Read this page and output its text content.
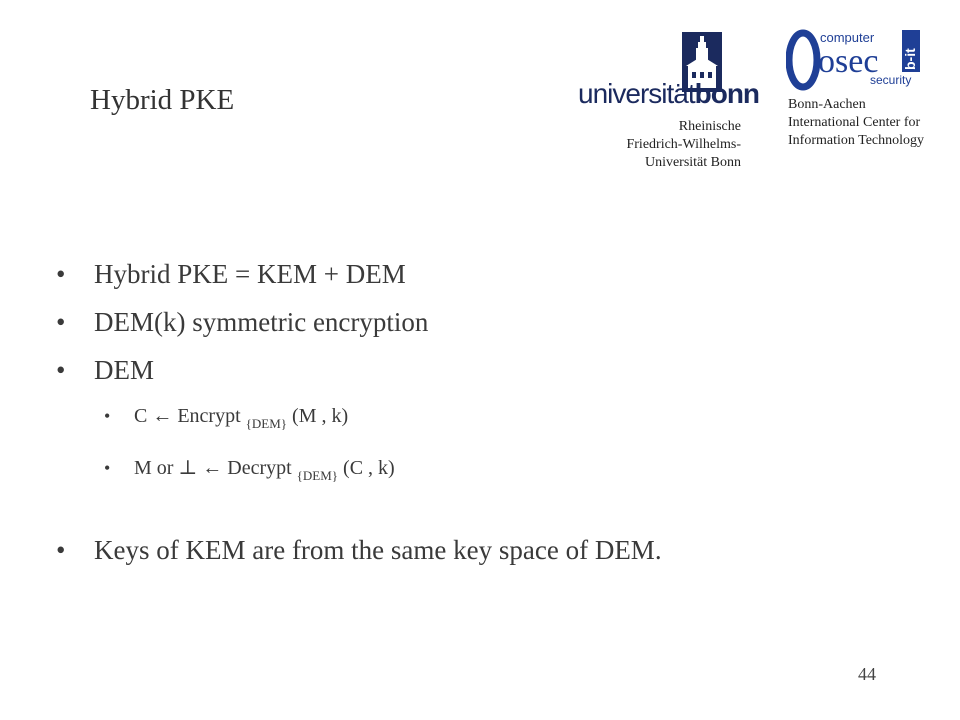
Hybrid PKE	universitätbonn
Rheinische
Friedrich-Wilhelms-
Universität Bonn
computer
osec
security
b-it
Bonn-Aachen
International Center for
Information Technology
• Hybrid PKE = KEM + DEM
• DEM(k) symmetric encryption
• DEM
• C ← Encrypt $_{\{DEM\}}$ (M , k)
• M or ⊥ ← Decrypt $_{\{DEM\}}$ (C , k)
• Keys of KEM are from the same key space of DEM.
44
